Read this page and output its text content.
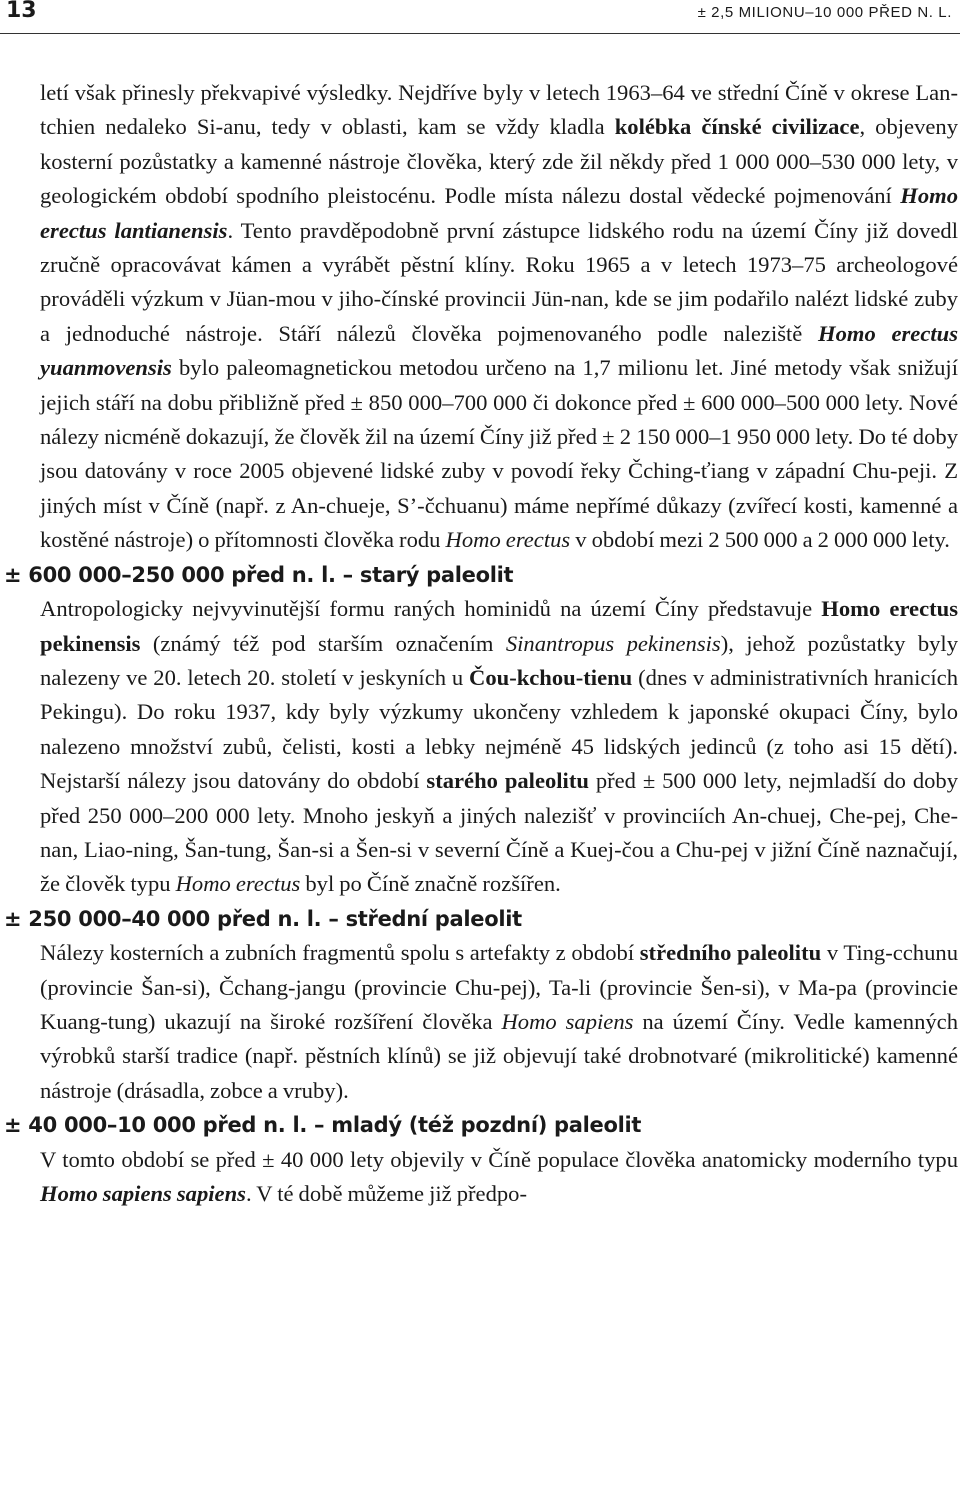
13	± 2,5 MILIONU–10 000 PŘED N. L.

letí však přinesly překvapivé výsledky. Nejdříve byly v letech 1963–64 ve střední Číně v okrese Lan-tchien nedaleko Si-anu, tedy v oblasti, kam se vždy kladla kolébka čínské civilizace, objeveny kosterní pozůstatky a kamenné nástroje člověka, který zde žil někdy před 1 000 000–530 000 lety, v geologickém období spodního pleistocénu. Podle místa nálezu dostal vědecké pojmenování Homo erectus lantianensis. Tento pravděpodobně první zástupce lidského rodu na území Číny již dovedl zručně opracovávat kámen a vyrábět pěstní klíny. Roku 1965 a v letech 1973–75 archeologové prováděli výzkum v Jüan-mou v jiho-čínské provincii Jün-nan, kde se jim podařilo nalézt lidské zuby a jednoduché nástroje. Stáří nálezů člověka pojmenovaného podle naleziště Homo erectus yuanmovensis bylo paleomagnetickou metodou určeno na 1,7 milionu let. Jiné metody však snižují jejich stáří na dobu přibližně před ± 850 000–700 000 či dokonce před ± 600 000–500 000 lety. Nové nálezy nicméně dokazují, že člověk žil na území Číny již před ± 2 150 000–1 950 000 lety. Do té doby jsou datovány v roce 2005 objevené lidské zuby v povodí řeky Čching-ťiang v západní Chu-peji. Z jiných míst v Číně (např. z An-chueje, S’-čchuanu) máme nepřímé důkazy (zvířecí kosti, kamenné a kostěné nástroje) o přítomnosti člověka rodu Homo erectus v období mezi 2 500 000 a 2 000 000 lety.

± 600 000–250 000 před n. l. – starý paleolit

Antropologicky nejvyvinutější formu raných hominidů na území Číny představuje Homo erectus pekinensis (známý též pod starším označením Sinantropus pekinensis), jehož pozůstatky byly nalezeny ve 20. letech 20. století v jeskyních u Čou-kchou-tienu (dnes v administrativních hranicích Pekingu). Do roku 1937, kdy byly výzkumy ukončeny vzhledem k japonské okupaci Číny, bylo nalezeno množství zubů, čelisti, kosti a lebky nejméně 45 lidských jedinců (z toho asi 15 dětí). Nejstarší nálezy jsou datovány do období starého paleolitu před ± 500 000 lety, nejmladší do doby před 250 000–200 000 lety. Mnoho jeskyň a jiných nalezišť v provinciích An-chuej, Che-pej, Che-nan, Liao-ning, Šan-tung, Šan-si a Šen-si v severní Číně a Kuej-čou a Chu-pej v jižní Číně naznačují, že člověk typu Homo erectus byl po Číně značně rozšířen.

± 250 000–40 000 před n. l. – střední paleolit

Nálezy kosterních a zubních fragmentů spolu s artefakty z období středního paleolitu v Ting-cchunu (provincie Šan-si), Čchang-jangu (provincie Chu-pej), Ta-li (provincie Šen-si), v Ma-pa (provincie Kuang-tung) ukazují na široké rozšíření člověka Homo sapiens na území Číny. Vedle kamenných výrobků starší tradice (např. pěstních klínů) se již objevují také drobnotvaré (mikrolitické) kamenné nástroje (drásadla, zobce a vruby).

± 40 000–10 000 před n. l. – mladý (též pozdní) paleolit

V tomto období se před ± 40 000 lety objevily v Číně populace člověka anatomicky moderního typu Homo sapiens sapiens. V té době můžeme již předpo-
